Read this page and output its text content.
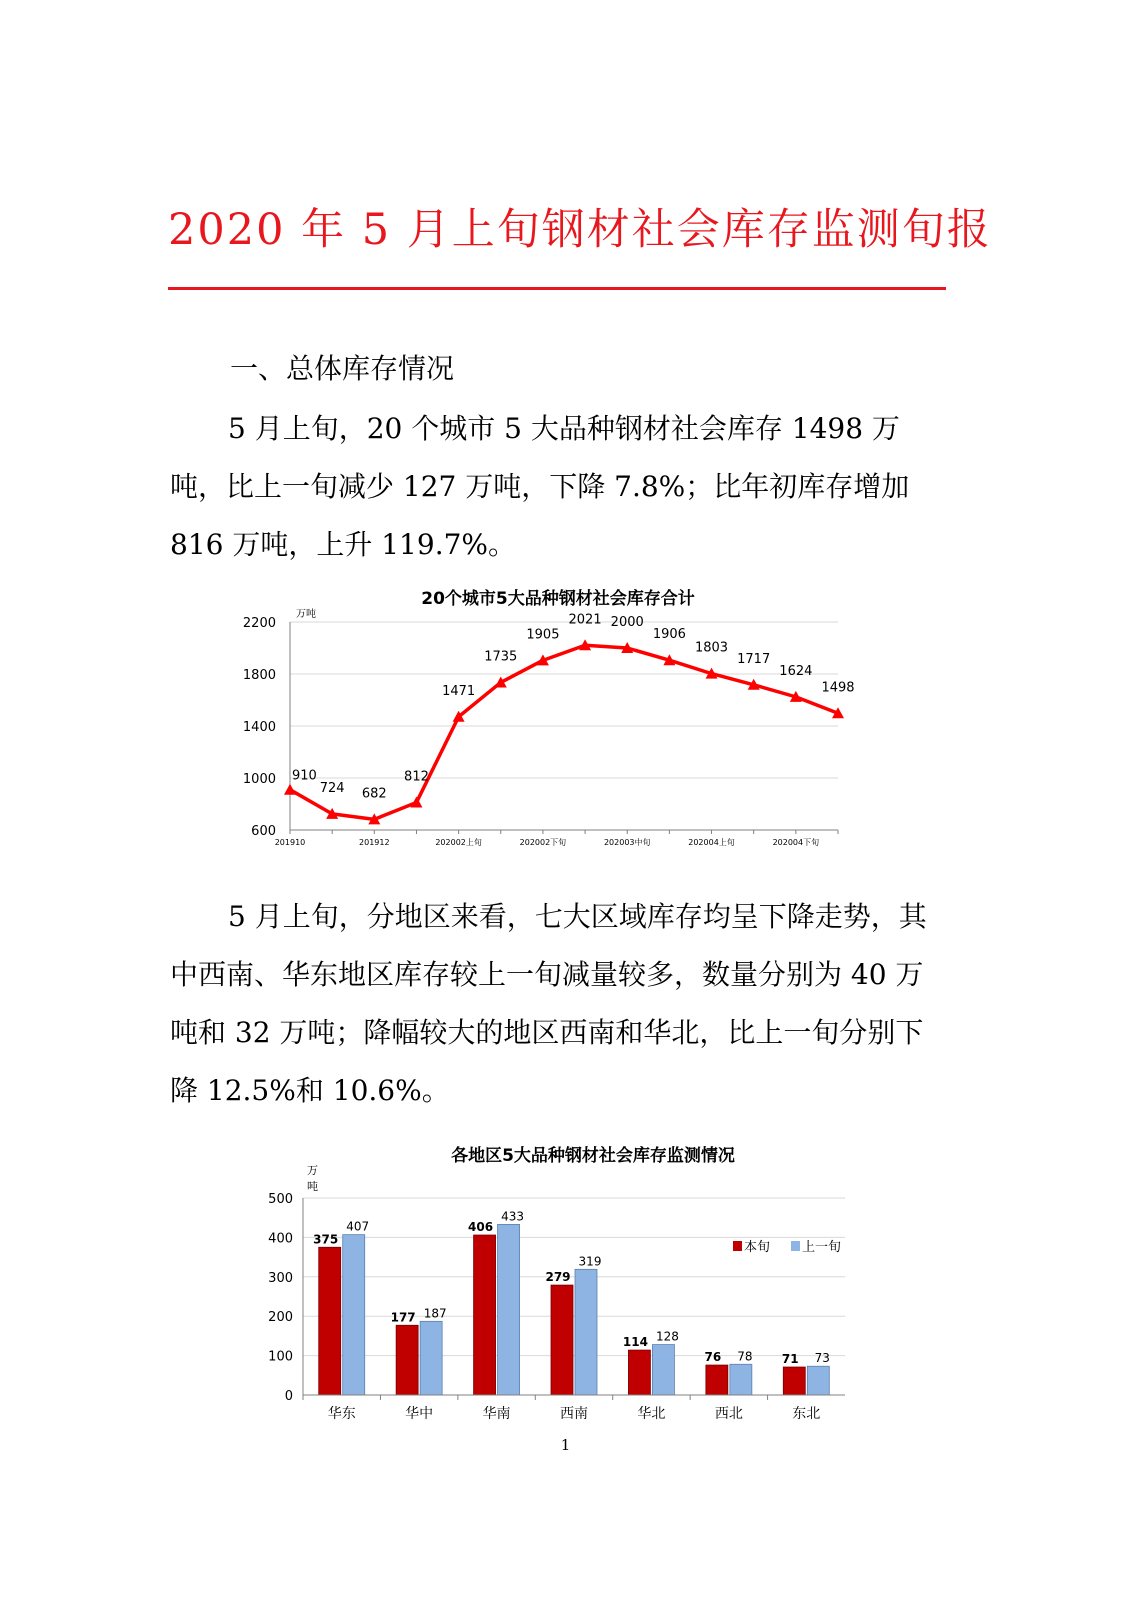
2020 年 5 月上旬钢材社会库存监测旬报
一、总体库存情况

5 月上旬，20 个城市 5 大品种钢材社会库存 1498 万吨，比上一旬减少 127 万吨，下降 7.8%；比年初库存增加 816 万吨，上升 119.7%。

20个城市5大品种钢材社会库存合计
万吨
910
724 682
812
1471
1735
1905
2021 2000
1906
1803
1717
1624
1498
600
1000
1400
1800
2200
201910	201912	202002上旬	202002下旬	202003中旬	202004上旬	202004下旬

5 月上旬，分地区来看，七大区域库存均呈下降走势，其中西南、华东地区库存较上一旬减量较多，数量分别为 40 万吨和 32 万吨；降幅较大的地区西南和华北，比上一旬分别下降 12.5%和 10.6%。

各地区5大品种钢材社会库存监测情况
375
407
177 187
406
433
279
319
114 128
76 78 71 73
0
100
200
300
400
500
万
吨
华东	华中	华南	西南	华北	西北	东北
本旬 上一旬
1
